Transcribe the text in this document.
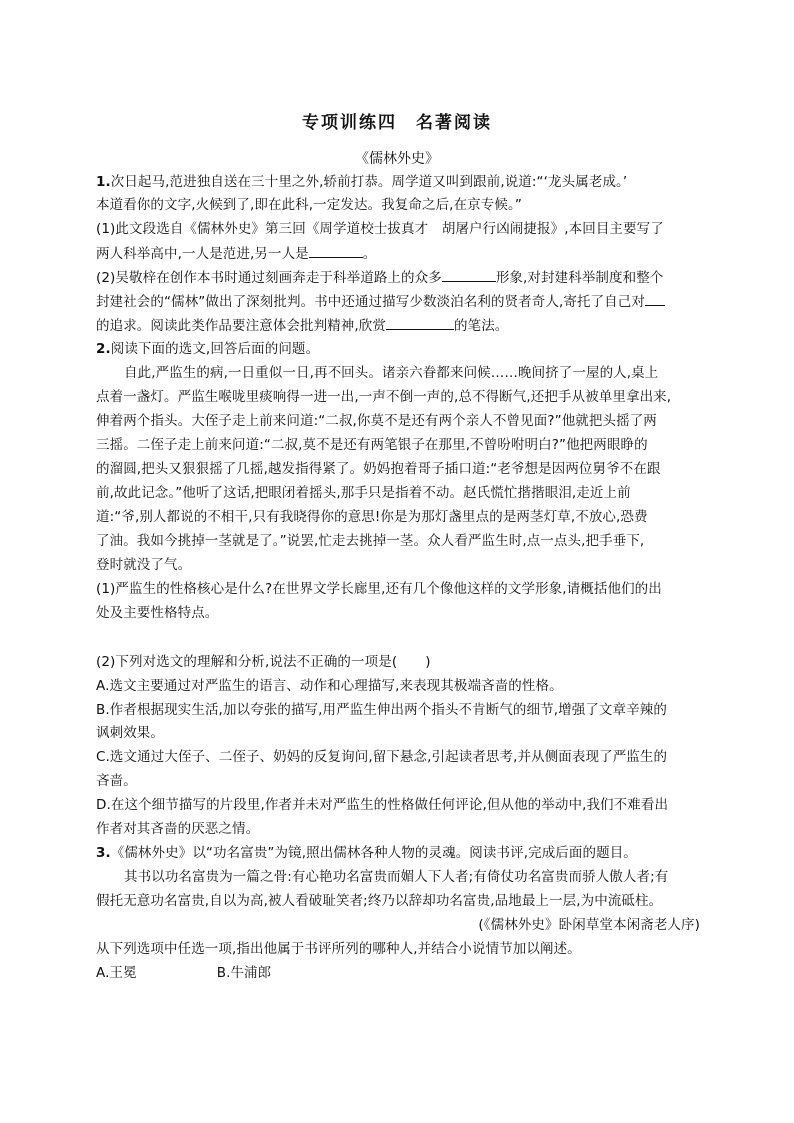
专项训练四　名著阅读
《儒林外史》
1.次日起马,范进独自送在三十里之外,轿前打恭。周学道又叫到跟前,说道:“‘龙头属老成。’
本道看你的文字,火候到了,即在此科,一定发达。我复命之后,在京专候。”
(1)此文段选自《儒林外史》第三回《周学道校士拔真才　胡屠户行凶闹捷报》,本回目主要写了
两人科举高中,一人是范进,另一人是	。
(2)吴敬梓在创作本书时通过刻画奔走于科举道路上的众多	形象,对封建科举制度和整个
封建社会的“儒林”做出了深刻批判。书中还通过描写少数淡泊名利的贤者奇人,寄托了自己对
的追求。阅读此类作品要注意体会批判精神,欣赏	的笔法。
2.阅读下面的选文,回答后面的问题。
自此,严监生的病,一日重似一日,再不回头。诸亲六眷都来问候……晚间挤了一屋的人,桌上
点着一盏灯。严监生喉咙里痰响得一进一出,一声不倒一声的,总不得断气,还把手从被单里拿出来,
伸着两个指头。大侄子走上前来问道:“二叔,你莫不是还有两个亲人不曾见面?”他就把头摇了两
三摇。二侄子走上前来问道:“二叔,莫不是还有两笔银子在那里,不曾吩咐明白?”他把两眼睁的
的溜圆,把头又狠狠摇了几摇,越发指得紧了。奶妈抱着哥子插口道:“老爷想是因两位舅爷不在跟
前,故此记念。”他听了这话,把眼闭着摇头,那手只是指着不动。赵氏慌忙揩揩眼泪,走近上前
道:“爷,别人都说的不相干,只有我晓得你的意思!你是为那灯盏里点的是两茎灯草,不放心,恐费
了油。我如今挑掉一茎就是了。”说罢,忙走去挑掉一茎。众人看严监生时,点一点头,把手垂下,
登时就没了气。
(1)严监生的性格核心是什么?在世界文学长廊里,还有几个像他这样的文学形象,请概括他们的出
处及主要性格特点。
(2)下列对选文的理解和分析,说法不正确的一项是( )
A.选文主要通过对严监生的语言、动作和心理描写,来表现其极端吝啬的性格。
B.作者根据现实生活,加以夸张的描写,用严监生伸出两个指头不肯断气的细节,增强了文章辛辣的
讽刺效果。
C.选文通过大侄子、二侄子、奶妈的反复询问,留下悬念,引起读者思考,并从侧面表现了严监生的
吝啬。
D.在这个细节描写的片段里,作者并未对严监生的性格做任何评论,但从他的举动中,我们不难看出
作者对其吝啬的厌恶之情。
3.《儒林外史》以“功名富贵”为镜,照出儒林各种人物的灵魂。阅读书评,完成后面的题目。
其书以功名富贵为一篇之骨:有心艳功名富贵而媚人下人者;有倚仗功名富贵而骄人傲人者;有
假托无意功名富贵,自以为高,被人看破耻笑者;终乃以辞却功名富贵,品地最上一层,为中流砥柱。
(《儒林外史》卧闲草堂本闲斋老人序)
从下列选项中任选一项,指出他属于书评所列的哪种人,并结合小说情节加以阐述。
A.王冕	B.牛浦郎
